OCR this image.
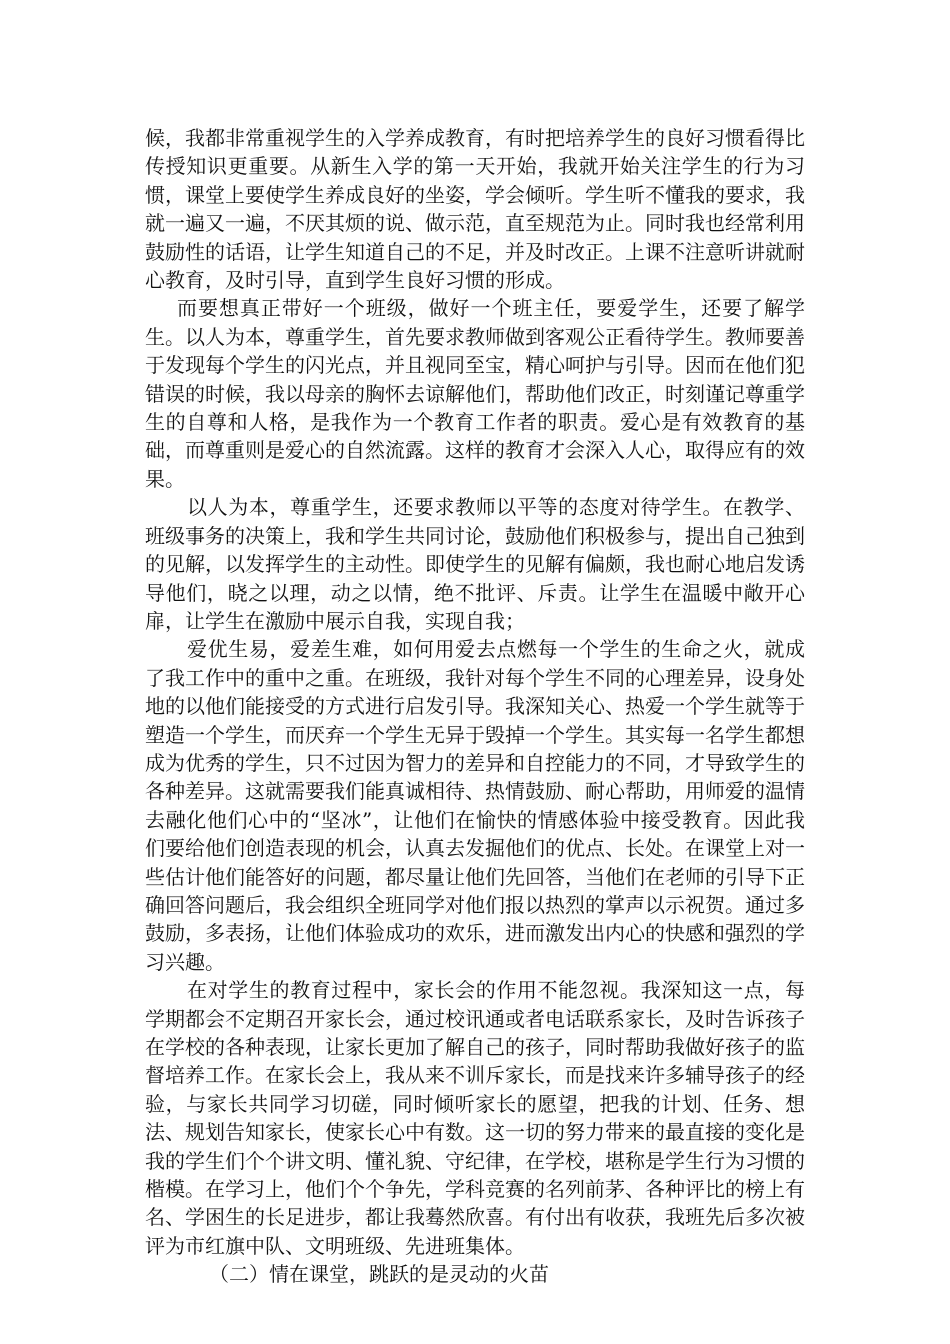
候，我都非常重视学生的入学养成教育，有时把培养学生的良好习惯看得比传授知识更重要。从新生入学的第一天开始，我就开始关注学生的行为习惯，课堂上要使学生养成良好的坐姿，学会倾听。学生听不懂我的要求，我就一遍又一遍，不厌其烦的说、做示范，直至规范为止。同时我也经常利用鼓励性的话语，让学生知道自己的不足，并及时改正。上课不注意听讲就耐心教育，及时引导，直到学生良好习惯的形成。

而要想真正带好一个班级，做好一个班主任，要爱学生，还要了解学生。以人为本，尊重学生，首先要求教师做到客观公正看待学生。教师要善于发现每个学生的闪光点，并且视同至宝，精心呵护与引导。因而在他们犯错误的时候，我以母亲的胸怀去谅解他们，帮助他们改正，时刻谨记尊重学生的自尊和人格，是我作为一个教育工作者的职责。爱心是有效教育的基础，而尊重则是爱心的自然流露。这样的教育才会深入人心，取得应有的效果。

以人为本，尊重学生，还要求教师以平等的态度对待学生。在教学、班级事务的决策上，我和学生共同讨论，鼓励他们积极参与，提出自己独到的见解，以发挥学生的主动性。即使学生的见解有偏颇，我也耐心地启发诱导他们，晓之以理，动之以情，绝不批评、斥责。让学生在温暖中敞开心扉，让学生在激励中展示自我，实现自我；

爱优生易，爱差生难，如何用爱去点燃每一个学生的生命之火，就成了我工作中的重中之重。在班级，我针对每个学生不同的心理差异，设身处地的以他们能接受的方式进行启发引导。我深知关心、热爱一个学生就等于塑造一个学生，而厌弃一个学生无异于毁掉一个学生。其实每一名学生都想成为优秀的学生，只不过因为智力的差异和自控能力的不同，才导致学生的各种差异。这就需要我们能真诚相待、热情鼓励、耐心帮助，用师爱的温情去融化他们心中的“坚冰”，让他们在愉快的情感体验中接受教育。因此我们要给他们创造表现的机会，认真去发掘他们的优点、长处。在课堂上对一些估计他们能答好的问题，都尽量让他们先回答，当他们在老师的引导下正确回答问题后，我会组织全班同学对他们报以热烈的掌声以示祝贺。通过多鼓励，多表扬，让他们体验成功的欢乐，进而激发出内心的快感和强烈的学习兴趣。

在对学生的教育过程中，家长会的作用不能忽视。我深知这一点，每学期都会不定期召开家长会，通过校讯通或者电话联系家长，及时告诉孩子在学校的各种表现，让家长更加了解自己的孩子，同时帮助我做好孩子的监督培养工作。在家长会上，我从来不训斥家长，而是找来许多辅导孩子的经验，与家长共同学习切磋，同时倾听家长的愿望，把我的计划、任务、想法、规划告知家长，使家长心中有数。这一切的努力带来的最直接的变化是我的学生们个个讲文明、懂礼貌、守纪律，在学校，堪称是学生行为习惯的楷模。在学习上，他们个个争先，学科竞赛的名列前茅、各种评比的榜上有名、学困生的长足进步，都让我蓦然欣喜。有付出有收获，我班先后多次被评为市红旗中队、文明班级、先进班集体。

（二）情在课堂，跳跃的是灵动的火苗
